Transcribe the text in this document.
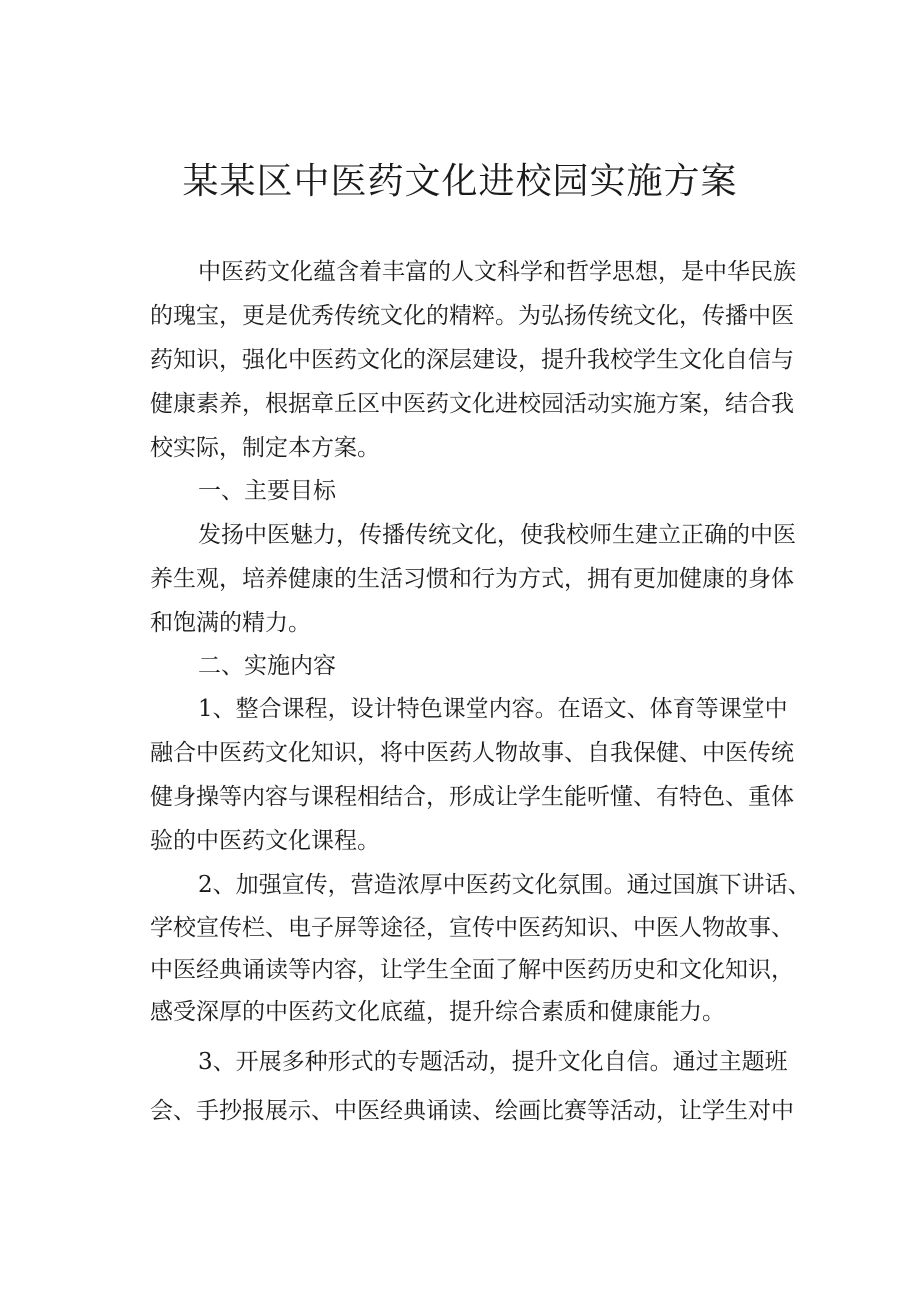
某某区中医药文化进校园实施方案

中医药文化蕴含着丰富的人文科学和哲学思想，是中华民族

的瑰宝，更是优秀传统文化的精粹。为弘扬传统文化，传播中医

药知识，强化中医药文化的深层建设，提升我校学生文化自信与

健康素养，根据章丘区中医药文化进校园活动实施方案，结合我

校实际，制定本方案。

一、主要目标

发扬中医魅力，传播传统文化，使我校师生建立正确的中医

养生观，培养健康的生活习惯和行为方式，拥有更加健康的身体

和饱满的精力。

二、实施内容

1、整合课程，设计特色课堂内容。在语文、体育等课堂中

融合中医药文化知识，将中医药人物故事、自我保健、中医传统

健身操等内容与课程相结合，形成让学生能听懂、有特色、重体

验的中医药文化课程。

2、加强宣传，营造浓厚中医药文化氛围。通过国旗下讲话、

学校宣传栏、电子屏等途径，宣传中医药知识、中医人物故事、

中医经典诵读等内容，让学生全面了解中医药历史和文化知识，

感受深厚的中医药文化底蕴，提升综合素质和健康能力。

3、开展多种形式的专题活动，提升文化自信。通过主题班

会、手抄报展示、中医经典诵读、绘画比赛等活动，让学生对中
